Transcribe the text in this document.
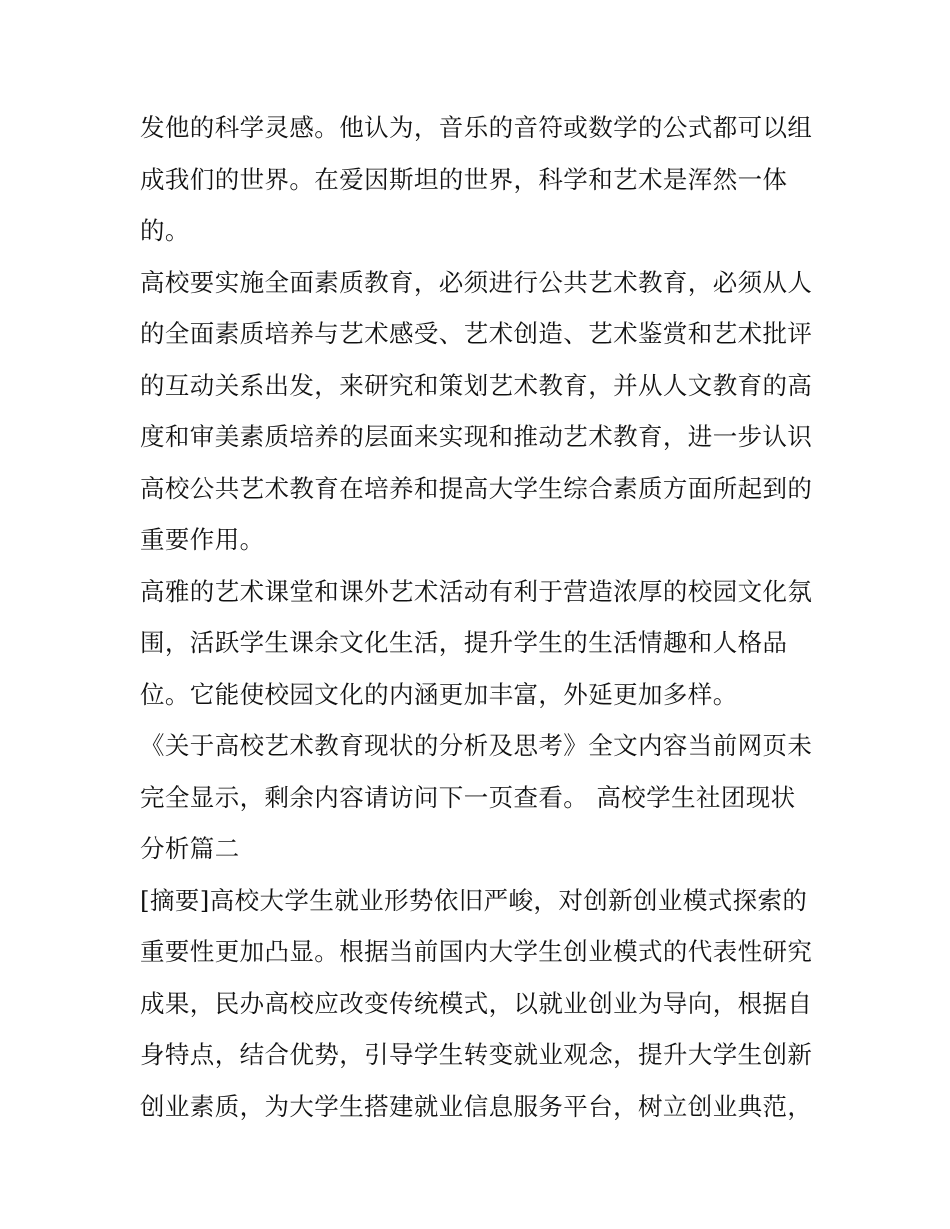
发他的科学灵感。他认为，音乐的音符或数学的公式都可以组
成我们的世界。在爱因斯坦的世界，科学和艺术是浑然一体
的。
高校要实施全面素质教育，必须进行公共艺术教育，必须从人
的全面素质培养与艺术感受、艺术创造、艺术鉴赏和艺术批评
的互动关系出发，来研究和策划艺术教育，并从人文教育的高
度和审美素质培养的层面来实现和推动艺术教育，进一步认识
高校公共艺术教育在培养和提高大学生综合素质方面所起到的
重要作用。
高雅的艺术课堂和课外艺术活动有利于营造浓厚的校园文化氛
围，活跃学生课余文化生活，提升学生的生活情趣和人格品
位。它能使校园文化的内涵更加丰富，外延更加多样。
《关于高校艺术教育现状的分析及思考》全文内容当前网页未
完全显示，剩余内容请访问下一页查看。 高校学生社团现状
分析篇二
[摘要]高校大学生就业形势依旧严峻，对创新创业模式探索的
重要性更加凸显。根据当前国内大学生创业模式的代表性研究
成果，民办高校应改变传统模式，以就业创业为导向，根据自
身特点，结合优势，引导学生转变就业观念，提升大学生创新
创业素质，为大学生搭建就业信息服务平台，树立创业典范，
